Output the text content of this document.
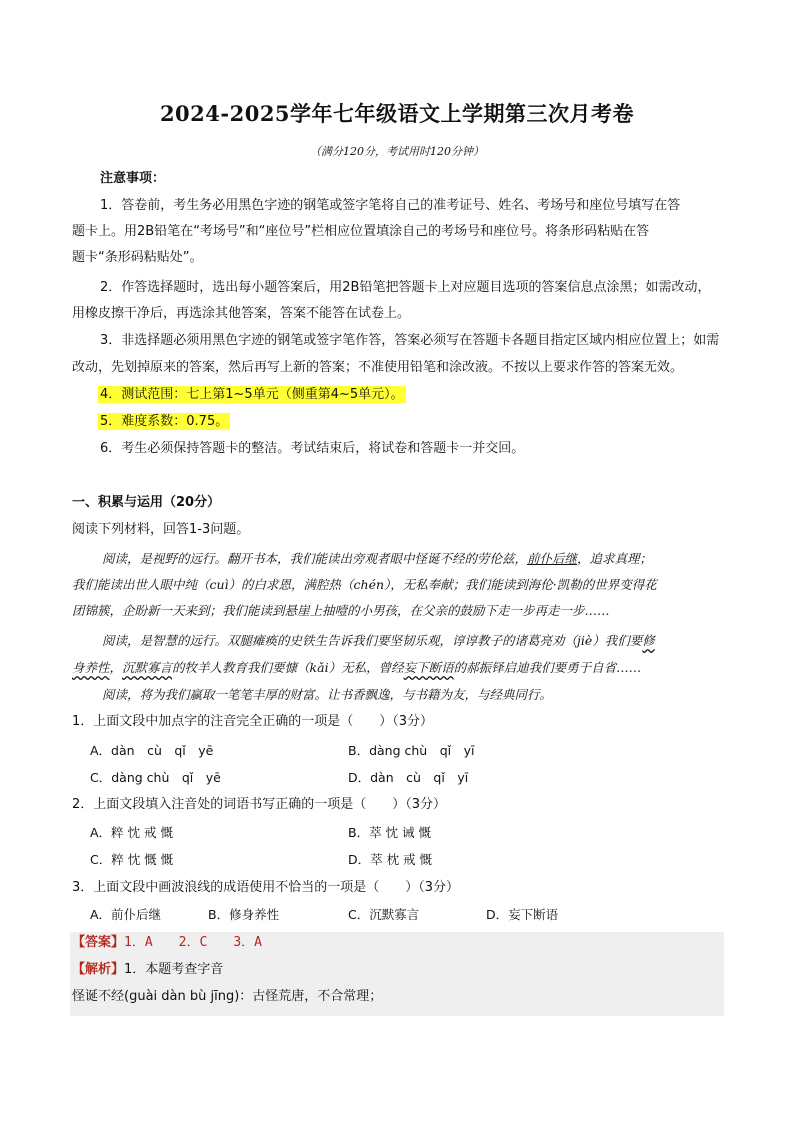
2024-2025学年七年级语文上学期第三次月考卷
（满分120分，考试用时120分钟）
注意事项：
1．答卷前，考生务必用黑色字迹的钢笔或签字笔将自己的准考证号、姓名、考场号和座位号填写在答
题卡上。用2B铅笔在“考场号”和“座位号”栏相应位置填涂自己的考场号和座位号。将条形码粘贴在答
题卡“条形码粘贴处”。
2．作答选择题时，选出每小题答案后，用2B铅笔把答题卡上对应题目选项的答案信息点涂黑；如需改动，
用橡皮擦干净后，再选涂其他答案，答案不能答在试卷上。
3．非选择题必须用黑色字迹的钢笔或签字笔作答，答案必须写在答题卡各题目指定区域内相应位置上；如需
改动，先划掉原来的答案，然后再写上新的答案；不准使用铅笔和涂改液。不按以上要求作答的答案无效。
4．测试范围：七上第1~5单元（侧重第4~5单元）。
5．难度系数：0.75。
6．考生必须保持答题卡的整洁。考试结束后，将试卷和答题卡一并交回。
一、积累与运用（20分）
阅读下列材料，回答1-3问题。
阅读，是视野的远行。翻开书本，我们能读出旁观者眼中怪诞不经的劳伦兹，前仆后继，追求真理；
我们能读出世人眼中纯（cuì）的白求恩，满腔热（chén），无私奉献；我们能读到海伦·凯勒的世界变得花
团锦簇，企盼新一天来到；我们能读到悬崖上抽噎的小男孩，在父亲的鼓励下走一步再走一步……
阅读，是智慧的远行。双腿瘫痪的史铁生告诉我们要坚韧乐观，谆谆教子的诸葛亮劝（jiè）我们要修
身养性，沉默寡言的牧羊人教育我们要慷（kǎi）无私，曾经妄下断语的郝振铎启迪我们要勇于自省……
阅读，将为我们赢取一笔笔丰厚的财富。让书香飘逸，与书籍为友，与经典同行。
1．上面文段中加点字的注音完全正确的一项是（　　）（3分）
A．dàn　cù　qǐ　yē	B．dàng chù　qǐ　yī
C．dàng chù　qǐ　yē	D．dàn　cù　qǐ　yī
2．上面文段填入注音处的词语书写正确的一项是（　　）（3分）
A．粹 忱 戒 慨	B．萃 忱 诫 慨
C．粹 忱 慨 慨	D．萃 枕 戒 慨
3．上面文段中画波浪线的成语使用不恰当的一项是（　　）（3分）
A．前仆后继	B．修身养性	C．沉默寡言	D．妄下断语
【答案】1．A　　2．C　　3．A
【解析】1．本题考查字音
怪诞不经(guài dàn bù jīng)：古怪荒唐，不合常理；
